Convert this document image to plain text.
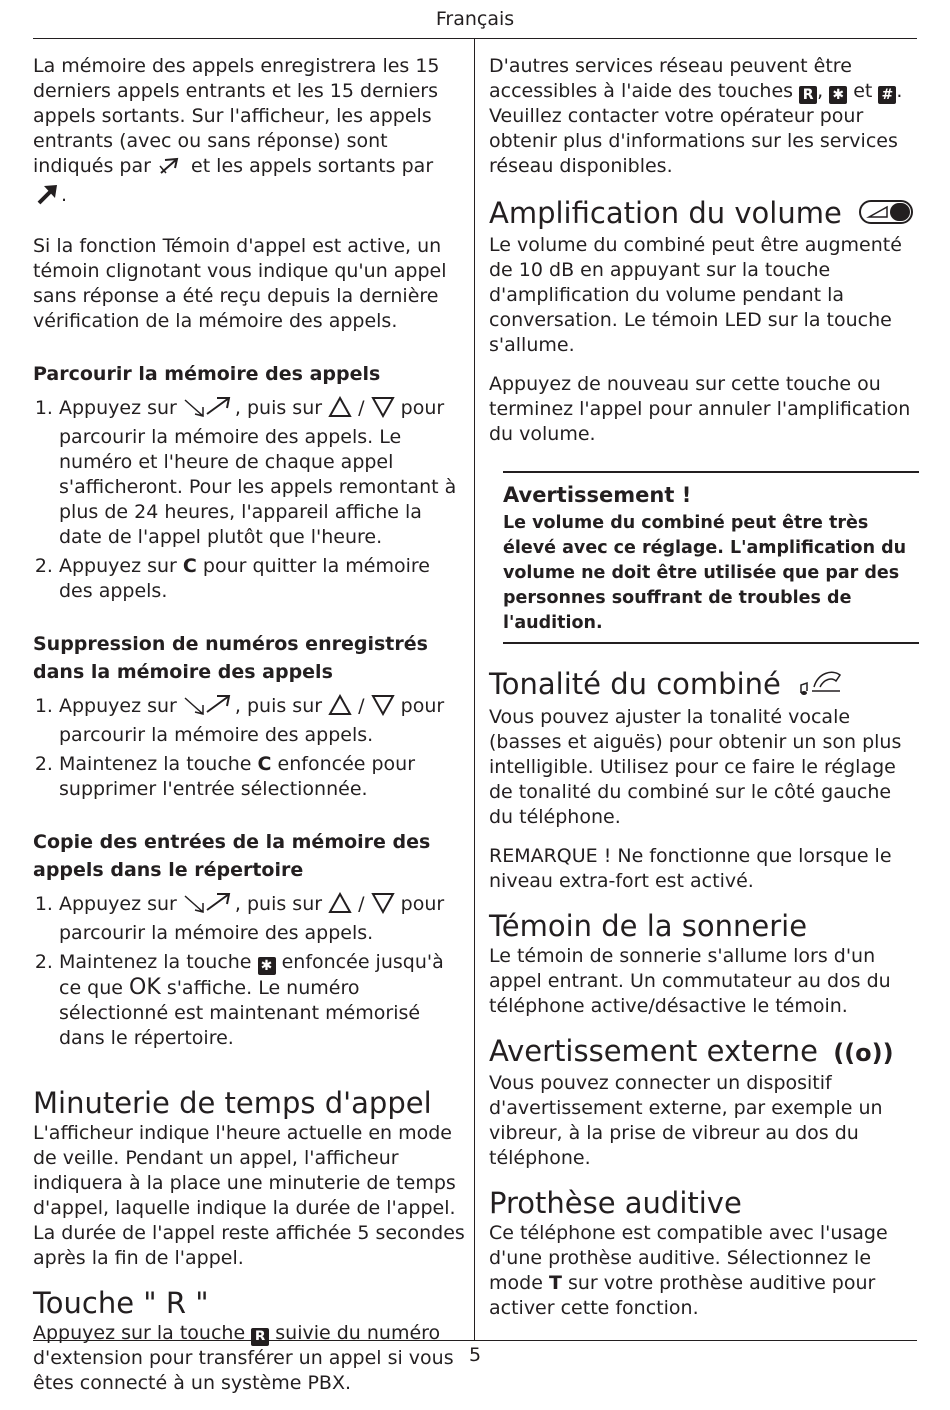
Français

La mémoire des appels enregistrera les 15 derniers appels entrants et les 15 derniers appels sortants. Sur l'afficheur, les appels entrants (avec ou sans réponse) sont indiqués par et les appels sortants par .

Si la fonction Témoin d'appel est active, un témoin clignotant vous indique qu'un appel sans réponse a été reçu depuis la dernière vérification de la mémoire des appels.

Parcourir la mémoire des appels
1. Appuyez sur	, puis sur / pour parcourir la mémoire des appels. Le numéro et l'heure de chaque appel s'afficheront. Pour les appels remontant à plus de 24 heures, l'appareil affiche la date de l'appel plutôt que l'heure.
2. Appuyez sur C pour quitter la mémoire des appels.
Suppression de numéros enregistrés dans la mémoire des appels
1. Appuyez sur	, puis sur / pour parcourir la mémoire des appels.
2. Maintenez la touche C enfoncée pour supprimer l'entrée sélectionnée.
Copie des entrées de la mémoire des appels dans le répertoire
1. Appuyez sur	, puis sur / pour parcourir la mémoire des appels.
2. Maintenez la touche ✱ enfoncée jusqu'à ce que OK s'affiche. Le numéro sélectionné est maintenant mémorisé dans le répertoire.
Minuterie de temps d'appel

L'afficheur indique l'heure actuelle en mode de veille. Pendant un appel, l'afficheur indiquera à la place une minuterie de temps d'appel, laquelle indique la durée de l'appel. La durée de l'appel reste affichée 5 secondes après la fin de l'appel.

Touche " R "

Appuyez sur la touche R suivie du numéro d'extension pour transférer un appel si vous êtes connecté à un système PBX.

D'autres services réseau peuvent être accessibles à l'aide des touches R , ✱ et # . Veuillez contacter votre opérateur pour obtenir plus d'informations sur les services réseau disponibles.

Amplification du volume

Le volume du combiné peut être augmenté de 10 dB en appuyant sur la touche d'amplification du volume pendant la conversation. Le témoin LED sur la touche s'allume.

Appuyez de nouveau sur cette touche ou terminez l'appel pour annuler l'amplification du volume.

Avertissement !
Le volume du combiné peut être très élevé avec ce réglage. L'amplification du volume ne doit être utilisée que par des personnes souffrant de troubles de l'audition.
Tonalité du combiné

Vous pouvez ajuster la tonalité vocale (basses et aiguës) pour obtenir un son plus intelligible. Utilisez pour ce faire le réglage de tonalité du combiné sur le côté gauche du téléphone.

REMARQUE ! Ne fonctionne que lorsque le niveau extra-fort est activé.

Témoin de la sonnerie

Le témoin de sonnerie s'allume lors d'un appel entrant. Un commutateur au dos du téléphone active/désactive le témoin.

Avertissement externe ((o))

Vous pouvez connecter un dispositif d'avertissement externe, par exemple un vibreur, à la prise de vibreur au dos du téléphone.

Prothèse auditive

Ce téléphone est compatible avec l'usage d'une prothèse auditive. Sélectionnez le mode T sur votre prothèse auditive pour activer cette fonction.

5
